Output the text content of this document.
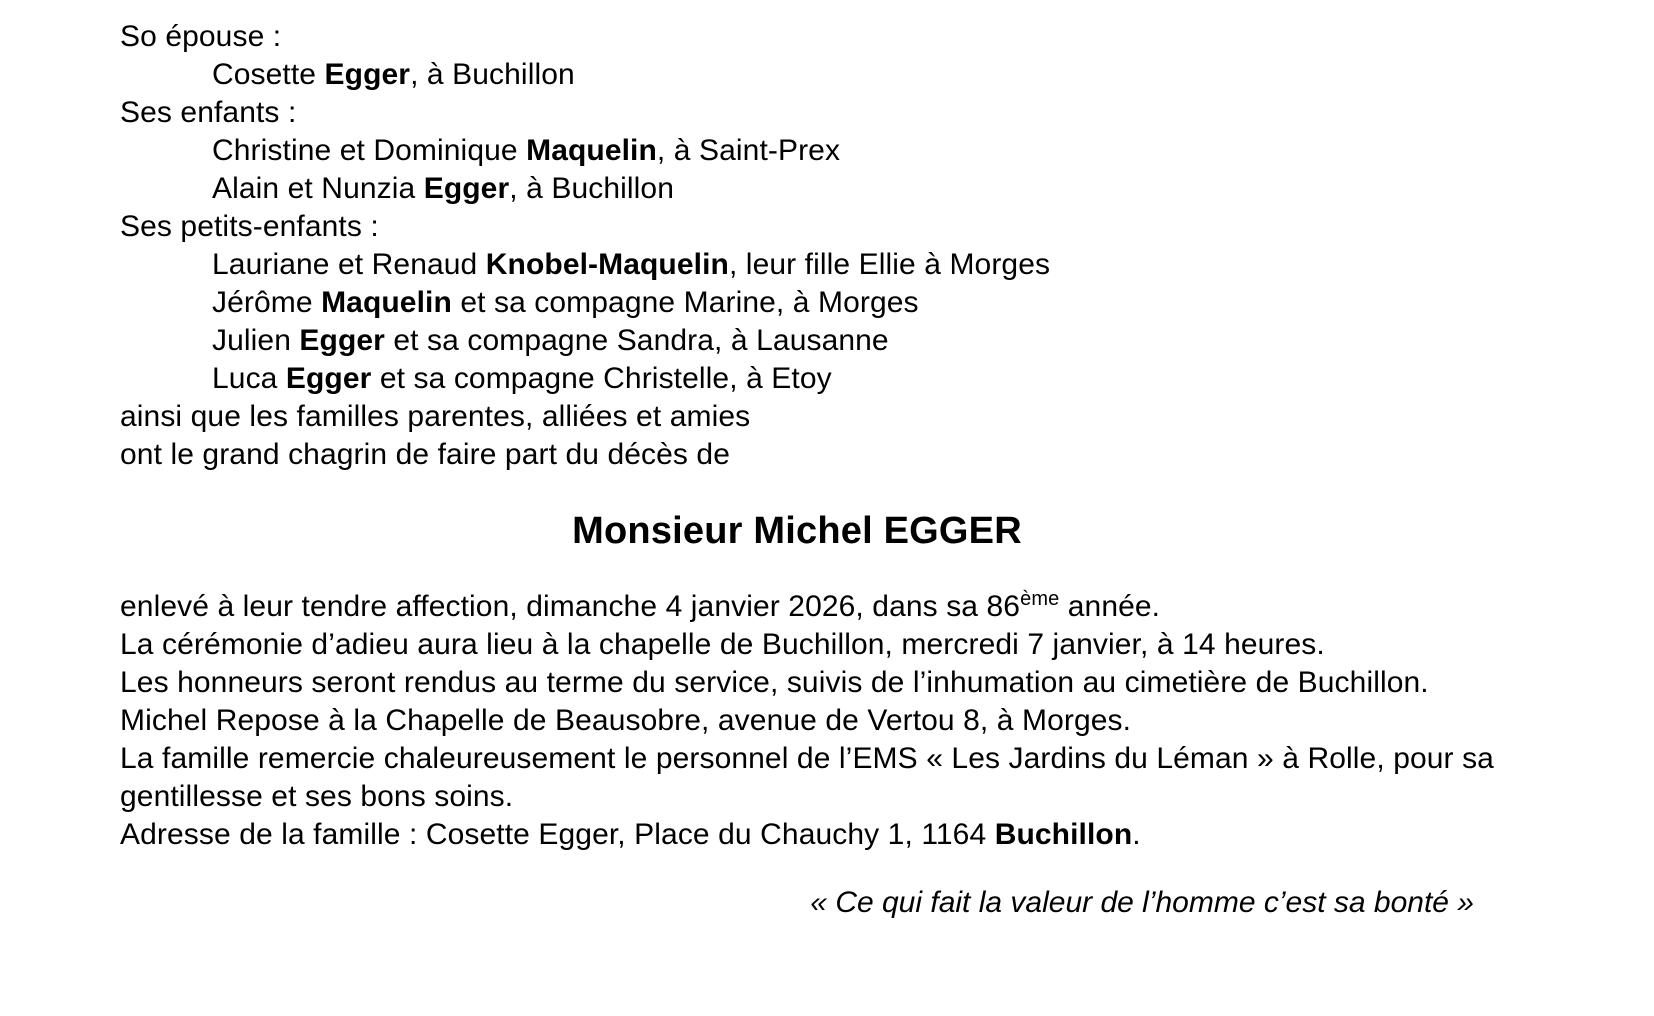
So épouse :
Cosette Egger, à Buchillon
Ses enfants :
Christine et Dominique Maquelin, à Saint-Prex
Alain et Nunzia Egger, à Buchillon
Ses petits-enfants :
Lauriane et Renaud Knobel-Maquelin, leur fille Ellie à Morges
Jérôme Maquelin et sa compagne Marine, à Morges
Julien Egger et sa compagne Sandra, à Lausanne
Luca Egger et sa compagne Christelle, à Etoy
ainsi que les familles parentes, alliées et amies
ont le grand chagrin de faire part du décès de
Monsieur Michel EGGER
enlevé à leur tendre affection, dimanche 4 janvier 2026, dans sa 86ème année.
La cérémonie d’adieu aura lieu à la chapelle de Buchillon, mercredi 7 janvier, à 14 heures.
Les honneurs seront rendus au terme du service, suivis de l’inhumation au cimetière de Buchillon.
Michel Repose à la Chapelle de Beausobre, avenue de Vertou 8, à Morges.
La famille remercie chaleureusement le personnel de l’EMS « Les Jardins du Léman » à Rolle, pour sa gentillesse et ses bons soins.
Adresse de la famille : Cosette Egger, Place du Chauchy 1, 1164 Buchillon.
« Ce qui fait la valeur de l’homme c’est sa bonté »
